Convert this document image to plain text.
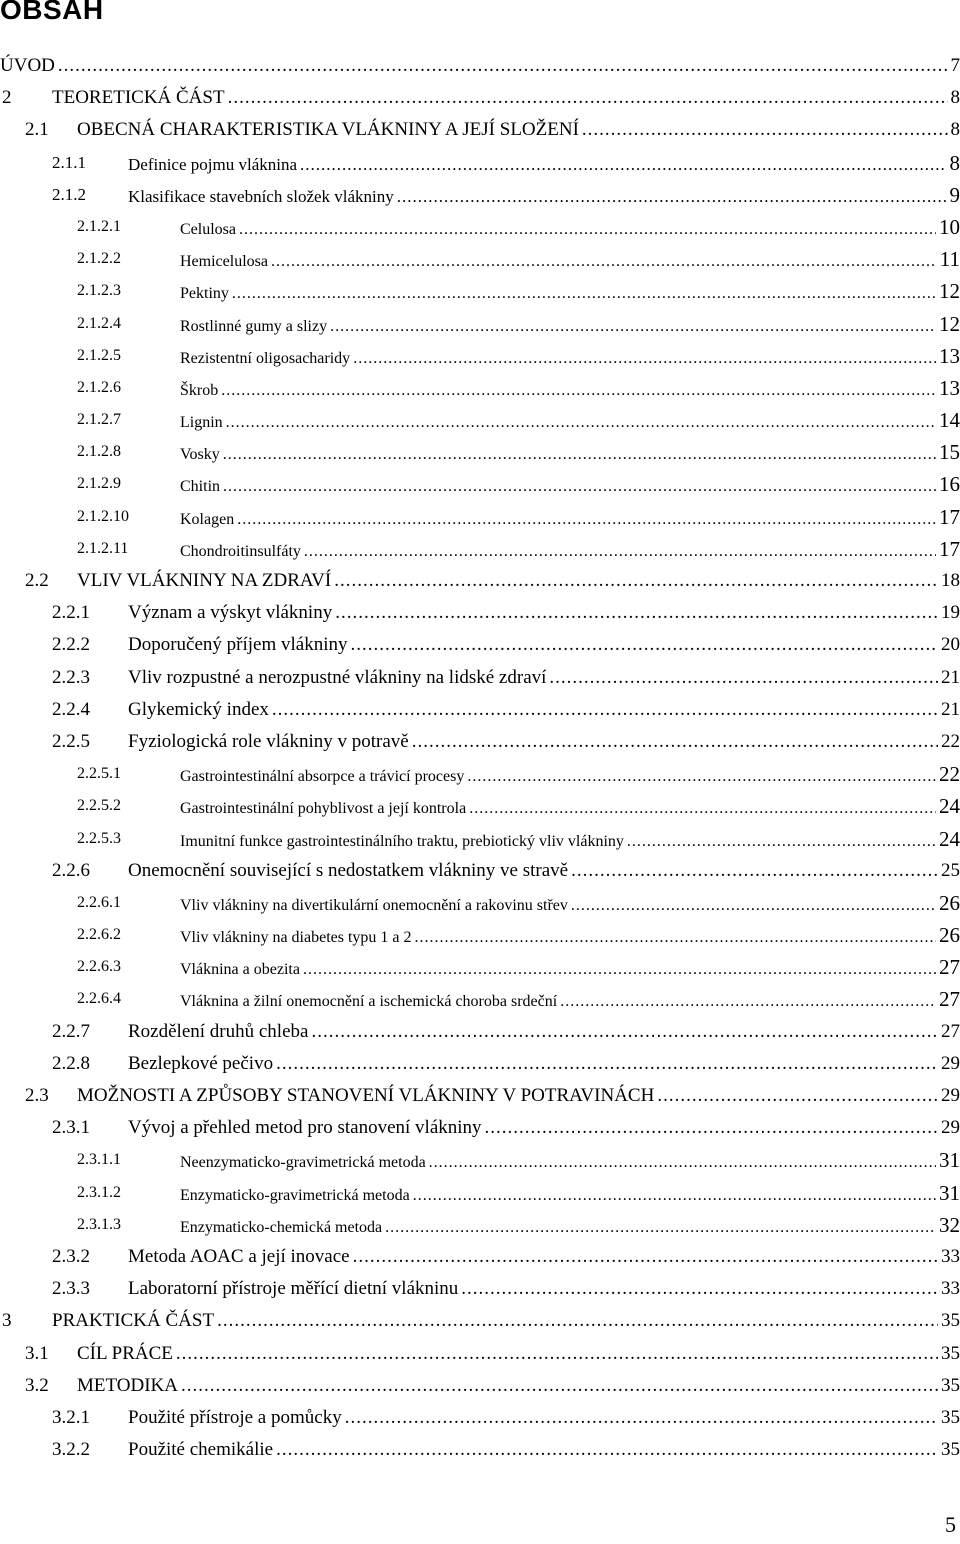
OBSAH
ÚVOD .....	7
2 TEORETICKÁ ČÁST .....	8
2.1 OBECNÁ CHARAKTERISTIKA VLÁKNINY A JEJÍ SLOŽENÍ .....	8
2.1.1 Definice pojmu vláknina .....	8
2.1.2 Klasifikace stavebních složek vlákniny .....	9
2.1.2.1	Celulosa .....	10
2.1.2.2	Hemicelulosa .....	11
2.1.2.3	Pektiny .....	12
2.1.2.4	Rostlinné gumy a slizy .....	12
2.1.2.5	Rezistentní oligosacharidy .....	13
2.1.2.6	Škrob .....	13
2.1.2.7	Lignin .....	14
2.1.2.8	Vosky .....	15
2.1.2.9	Chitin .....	16
2.1.2.10	Kolagen .....	17
2.1.2.11	Chondroitinsulfáty .....	17
2.2 VLIV VLÁKNINY NA ZDRAVÍ .....	18
2.2.1 Význam a výskyt vlákniny .....	19
2.2.2 Doporučený příjem vlákniny .....	20
2.2.3 Vliv rozpustné a nerozpustné vlákniny na lidské zdraví .....	21
2.2.4 Glykemický index .....	21
2.2.5 Fyziologická role vlákniny v potravě .....	22
2.2.5.1	Gastrointestinální absorpce a trávicí procesy .....	22
2.2.5.2	Gastrointestinální pohyblivost a její kontrola .....	24
2.2.5.3	Imunitní funkce gastrointestinálního traktu, prebiotický vliv vlákniny .....	24
2.2.6 Onemocnění související s nedostatkem vlákniny ve stravě .....	25
2.2.6.1	Vliv vlákniny na divertikulární onemocnění a rakovinu střev .....	26
2.2.6.2	Vliv vlákniny na diabetes typu 1 a 2 .....	26
2.2.6.3	Vláknina a obezita .....	27
2.2.6.4	Vláknina a žilní onemocnění a ischemická choroba srdeční .....	27
2.2.7 Rozdělení druhů chleba .....	27
2.2.8 Bezlepkové pečivo .....	29
2.3 MOŽNOSTI A ZPŮSOBY STANOVENÍ VLÁKNINY V POTRAVINÁCH .....	29
2.3.1 Vývoj a přehled metod pro stanovení vlákniny .....	29
2.3.1.1	Neenzymaticko-gravimetrická metoda .....	31
2.3.1.2	Enzymaticko-gravimetrická metoda .....	31
2.3.1.3	Enzymaticko-chemická metoda .....	32
2.3.2 Metoda AOAC a její inovace .....	33
2.3.3 Laboratorní přístroje měřící dietní vlákninu .....	33
3 PRAKTICKÁ ČÁST .....	35
3.1 CÍL PRÁCE .....	35
3.2 METODIKA .....	35
3.2.1 Použité přístroje a pomůcky .....	35
3.2.2 Použité chemikálie .....	35
5
